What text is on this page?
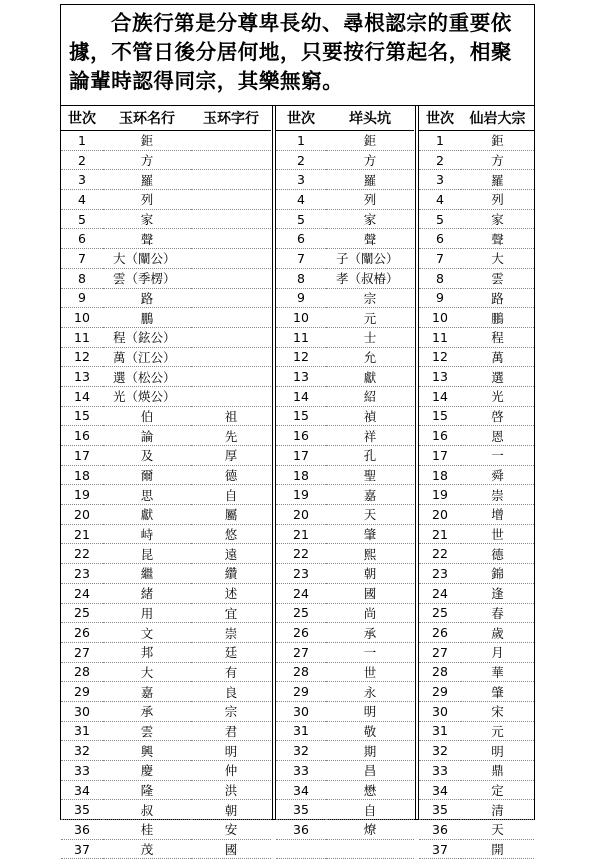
合族行第是分尊卑長幼、尋根認宗的重要依據，不管日後分居何地，只要按行第起名，相聚論輩時認得同宗，其樂無窮。

世次	玉环名行	玉环字行
1	鉅	
2	方	
3	羅	
4	列	
5	家	
6	聲	
7	大（闡公）	
8	雲（季楞）	
9	路	
10	鵬	
11	程（鉉公）	
12	萬（江公）	
13	選（松公）	
14	光（煐公）	
15	伯	祖
16	論	先
17	及	厚
18	爾	德
19	思	自
20	獻	屬
21	峙	悠
22	昆	遠
23	繼	纘
24	緒	述
25	用	宜
26	文	崇
27	邦	廷
28	大	有
29	嘉	良
30	承	宗
31	雲	君
32	興	明
33	慶	仲
34	隆	洪
35	叔	朝
36	桂	安
37	茂	國
世次	垟头坑
1	鉅
2	方
3	羅
4	列
5	家
6	聲
7	子（闡公）
8	孝（叔椿）
9	宗
10	元
11	士
12	允
13	獻
14	紹
15	禎
16	祥
17	孔
18	聖
19	嘉
20	天
21	肇
22	熙
23	朝
24	國
25	尚
26	承
27	一
28	世
29	永
30	明
31	敬
32	期
33	昌
34	懋
35	自
36	燎

世次	仙岩大宗
1	鉅
2	方
3	羅
4	列
5	家
6	聲
7	大
8	雲
9	路
10	鵬
11	程
12	萬
13	選
14	光
15	啓
16	恩
17	一
18	舜
19	崇
20	增
21	世
22	德
23	錦
24	逢
25	春
26	歲
27	月
28	華
29	肇
30	宋
31	元
32	明
33	鼎
34	定
35	清
36	天
37	開
